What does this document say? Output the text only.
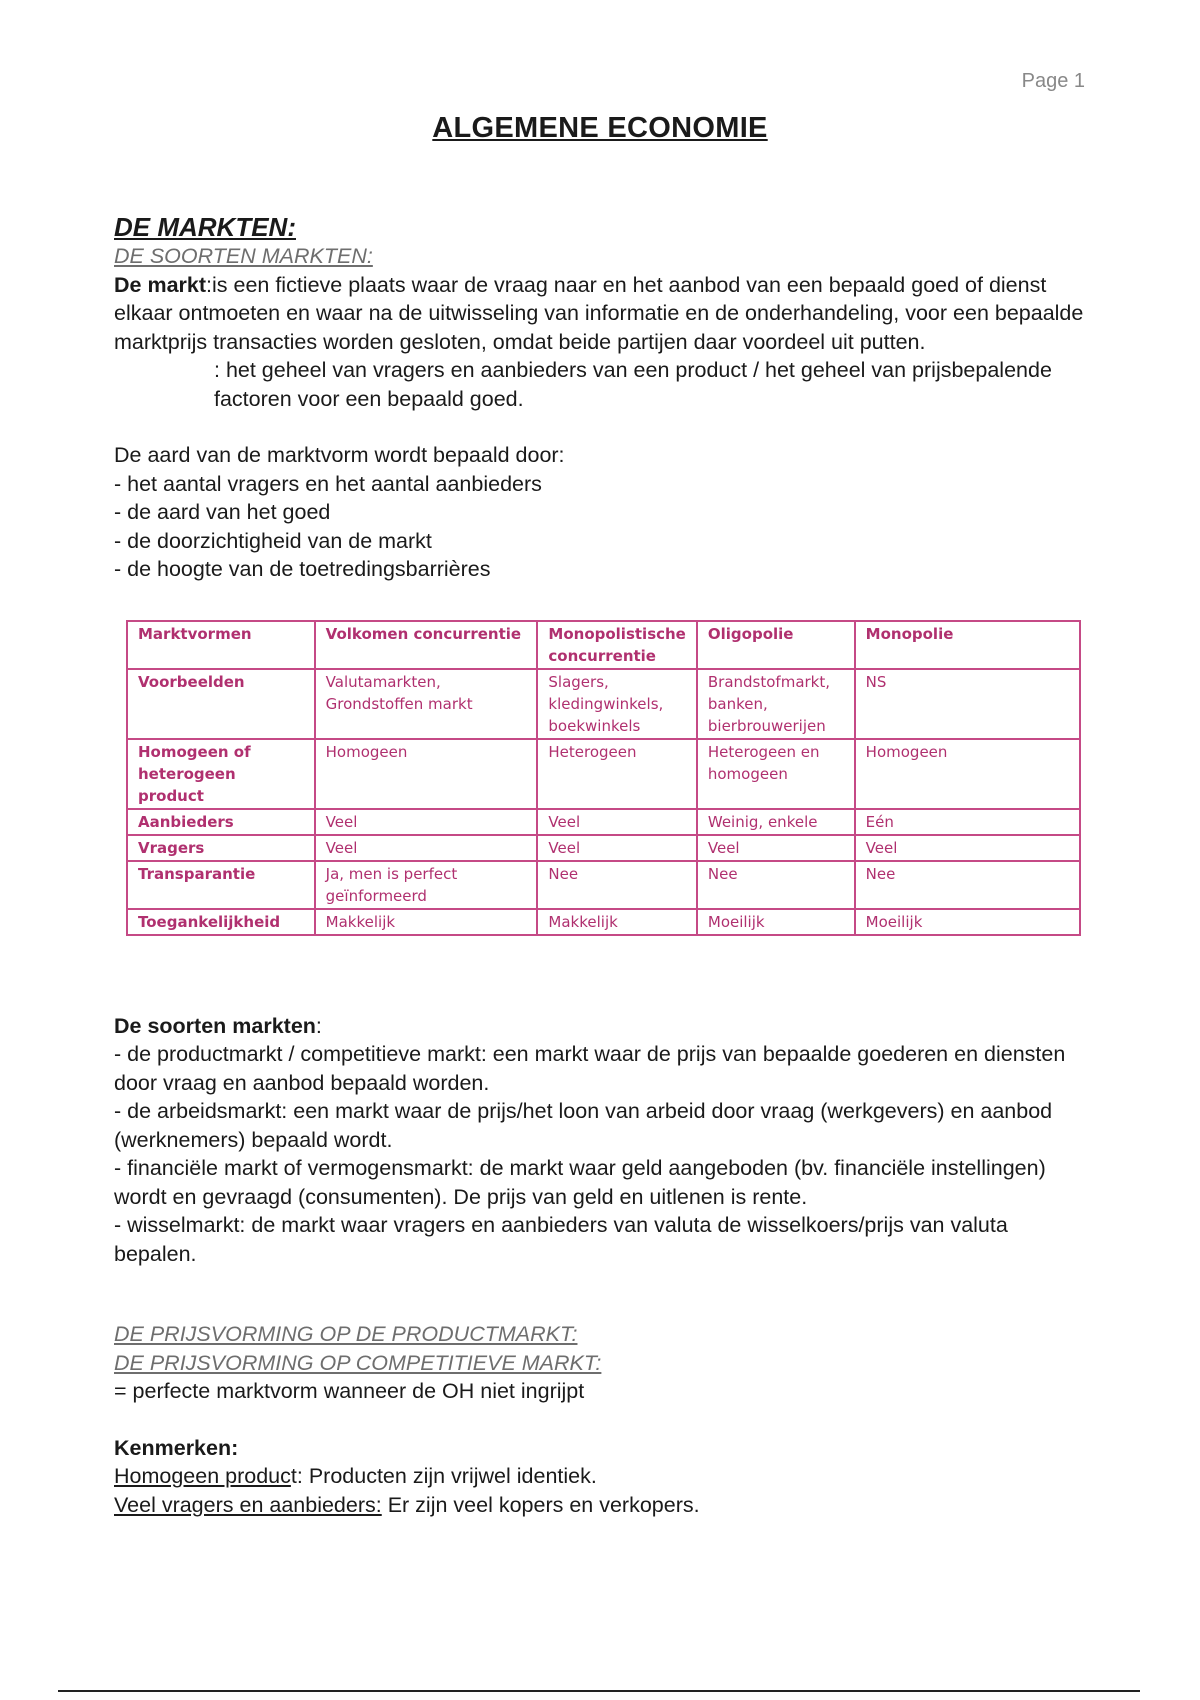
Page 1
ALGEMENE ECONOMIE
DE MARKTEN:
DE SOORTEN MARKTEN:

De markt:is een fictieve plaats waar de vraag naar en het aanbod van een bepaald goed of dienst elkaar ontmoeten en waar na de uitwisseling van informatie en de onderhandeling, voor een bepaalde marktprijs transacties worden gesloten, omdat beide partijen daar voordeel uit putten.

: het geheel van vragers en aanbieders van een product / het geheel van prijsbepalende factoren voor een bepaald goed.

De aard van de marktvorm wordt bepaald door:

- het aantal vragers en het aantal aanbieders
- de aard van het goed
- de doorzichtigheid van de markt
- de hoogte van de toetredingsbarrières
Marktvormen	Volkomen concurrentie	Monopolistische concurrentie	Oligopolie	Monopolie
Voorbeelden	Valutamarkten, Grondstoffen markt	Slagers, kledingwinkels, boekwinkels	Brandstofmarkt, banken, bierbrouwerijen	NS
Homogeen of heterogeen product	Homogeen	Heterogeen	Heterogeen en homogeen	Homogeen
Aanbieders	Veel	Veel	Weinig, enkele	Eén
Vragers	Veel	Veel	Veel	Veel
Transparantie	Ja, men is perfect geïnformeerd	Nee	Nee	Nee
Toegankelijkheid	Makkelijk	Makkelijk	Moeilijk	Moeilijk

De soorten markten:

- de productmarkt / competitieve markt: een markt waar de prijs van bepaalde goederen en diensten door vraag en aanbod bepaald worden.
- de arbeidsmarkt: een markt waar de prijs/het loon van arbeid door vraag (werkgevers) en aanbod (werknemers) bepaald wordt.
- financiële markt of vermogensmarkt: de markt waar geld aangeboden (bv. financiële instellingen) wordt en gevraagd (consumenten). De prijs van geld en uitlenen is rente.
- wisselmarkt: de markt waar vragers en aanbieders van valuta de wisselkoers/prijs van valuta bepalen.
DE PRIJSVORMING OP DE PRODUCTMARKT:
DE PRIJSVORMING OP COMPETITIEVE MARKT:

= perfecte marktvorm wanneer de OH niet ingrijpt

Kenmerken:

Homogeen product: Producten zijn vrijwel identiek.
Veel vragers en aanbieders: Er zijn veel kopers en verkopers.
